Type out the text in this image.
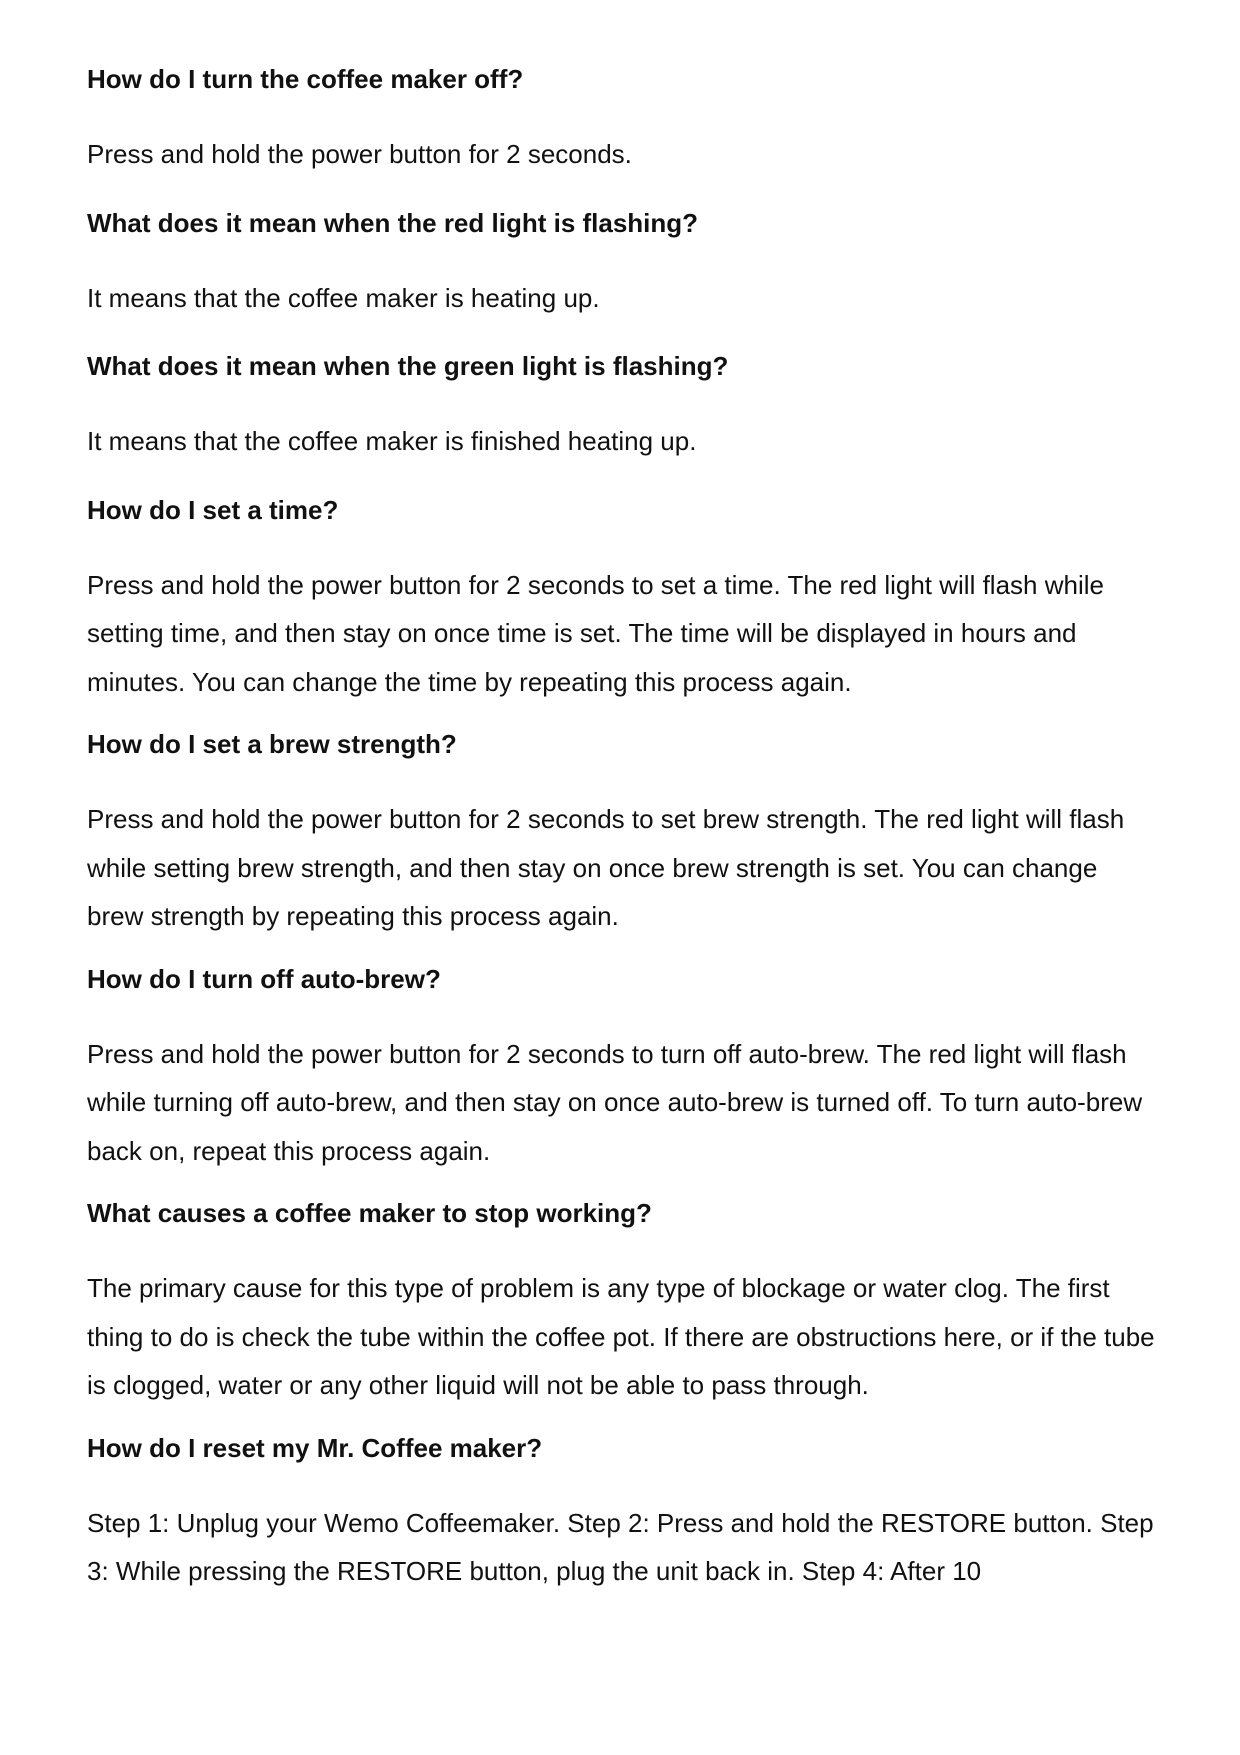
How do I turn the coffee maker off?

Press and hold the power button for 2 seconds.

What does it mean when the red light is flashing?

It means that the coffee maker is heating up.

What does it mean when the green light is flashing?

It means that the coffee maker is finished heating up.

How do I set a time?

Press and hold the power button for 2 seconds to set a time. The red light will flash while setting time, and then stay on once time is set. The time will be displayed in hours and minutes. You can change the time by repeating this process again.

How do I set a brew strength?

Press and hold the power button for 2 seconds to set brew strength. The red light will flash while setting brew strength, and then stay on once brew strength is set. You can change brew strength by repeating this process again.

How do I turn off auto-brew?

Press and hold the power button for 2 seconds to turn off auto-brew. The red light will flash while turning off auto-brew, and then stay on once auto-brew is turned off. To turn auto-brew back on, repeat this process again.

What causes a coffee maker to stop working?

The primary cause for this type of problem is any type of blockage or water clog. The first thing to do is check the tube within the coffee pot. If there are obstructions here, or if the tube is clogged, water or any other liquid will not be able to pass through.

How do I reset my Mr. Coffee maker?

Step 1: Unplug your Wemo Coffeemaker. Step 2: Press and hold the RESTORE button. Step 3: While pressing the RESTORE button, plug the unit back in. Step 4: After 10
